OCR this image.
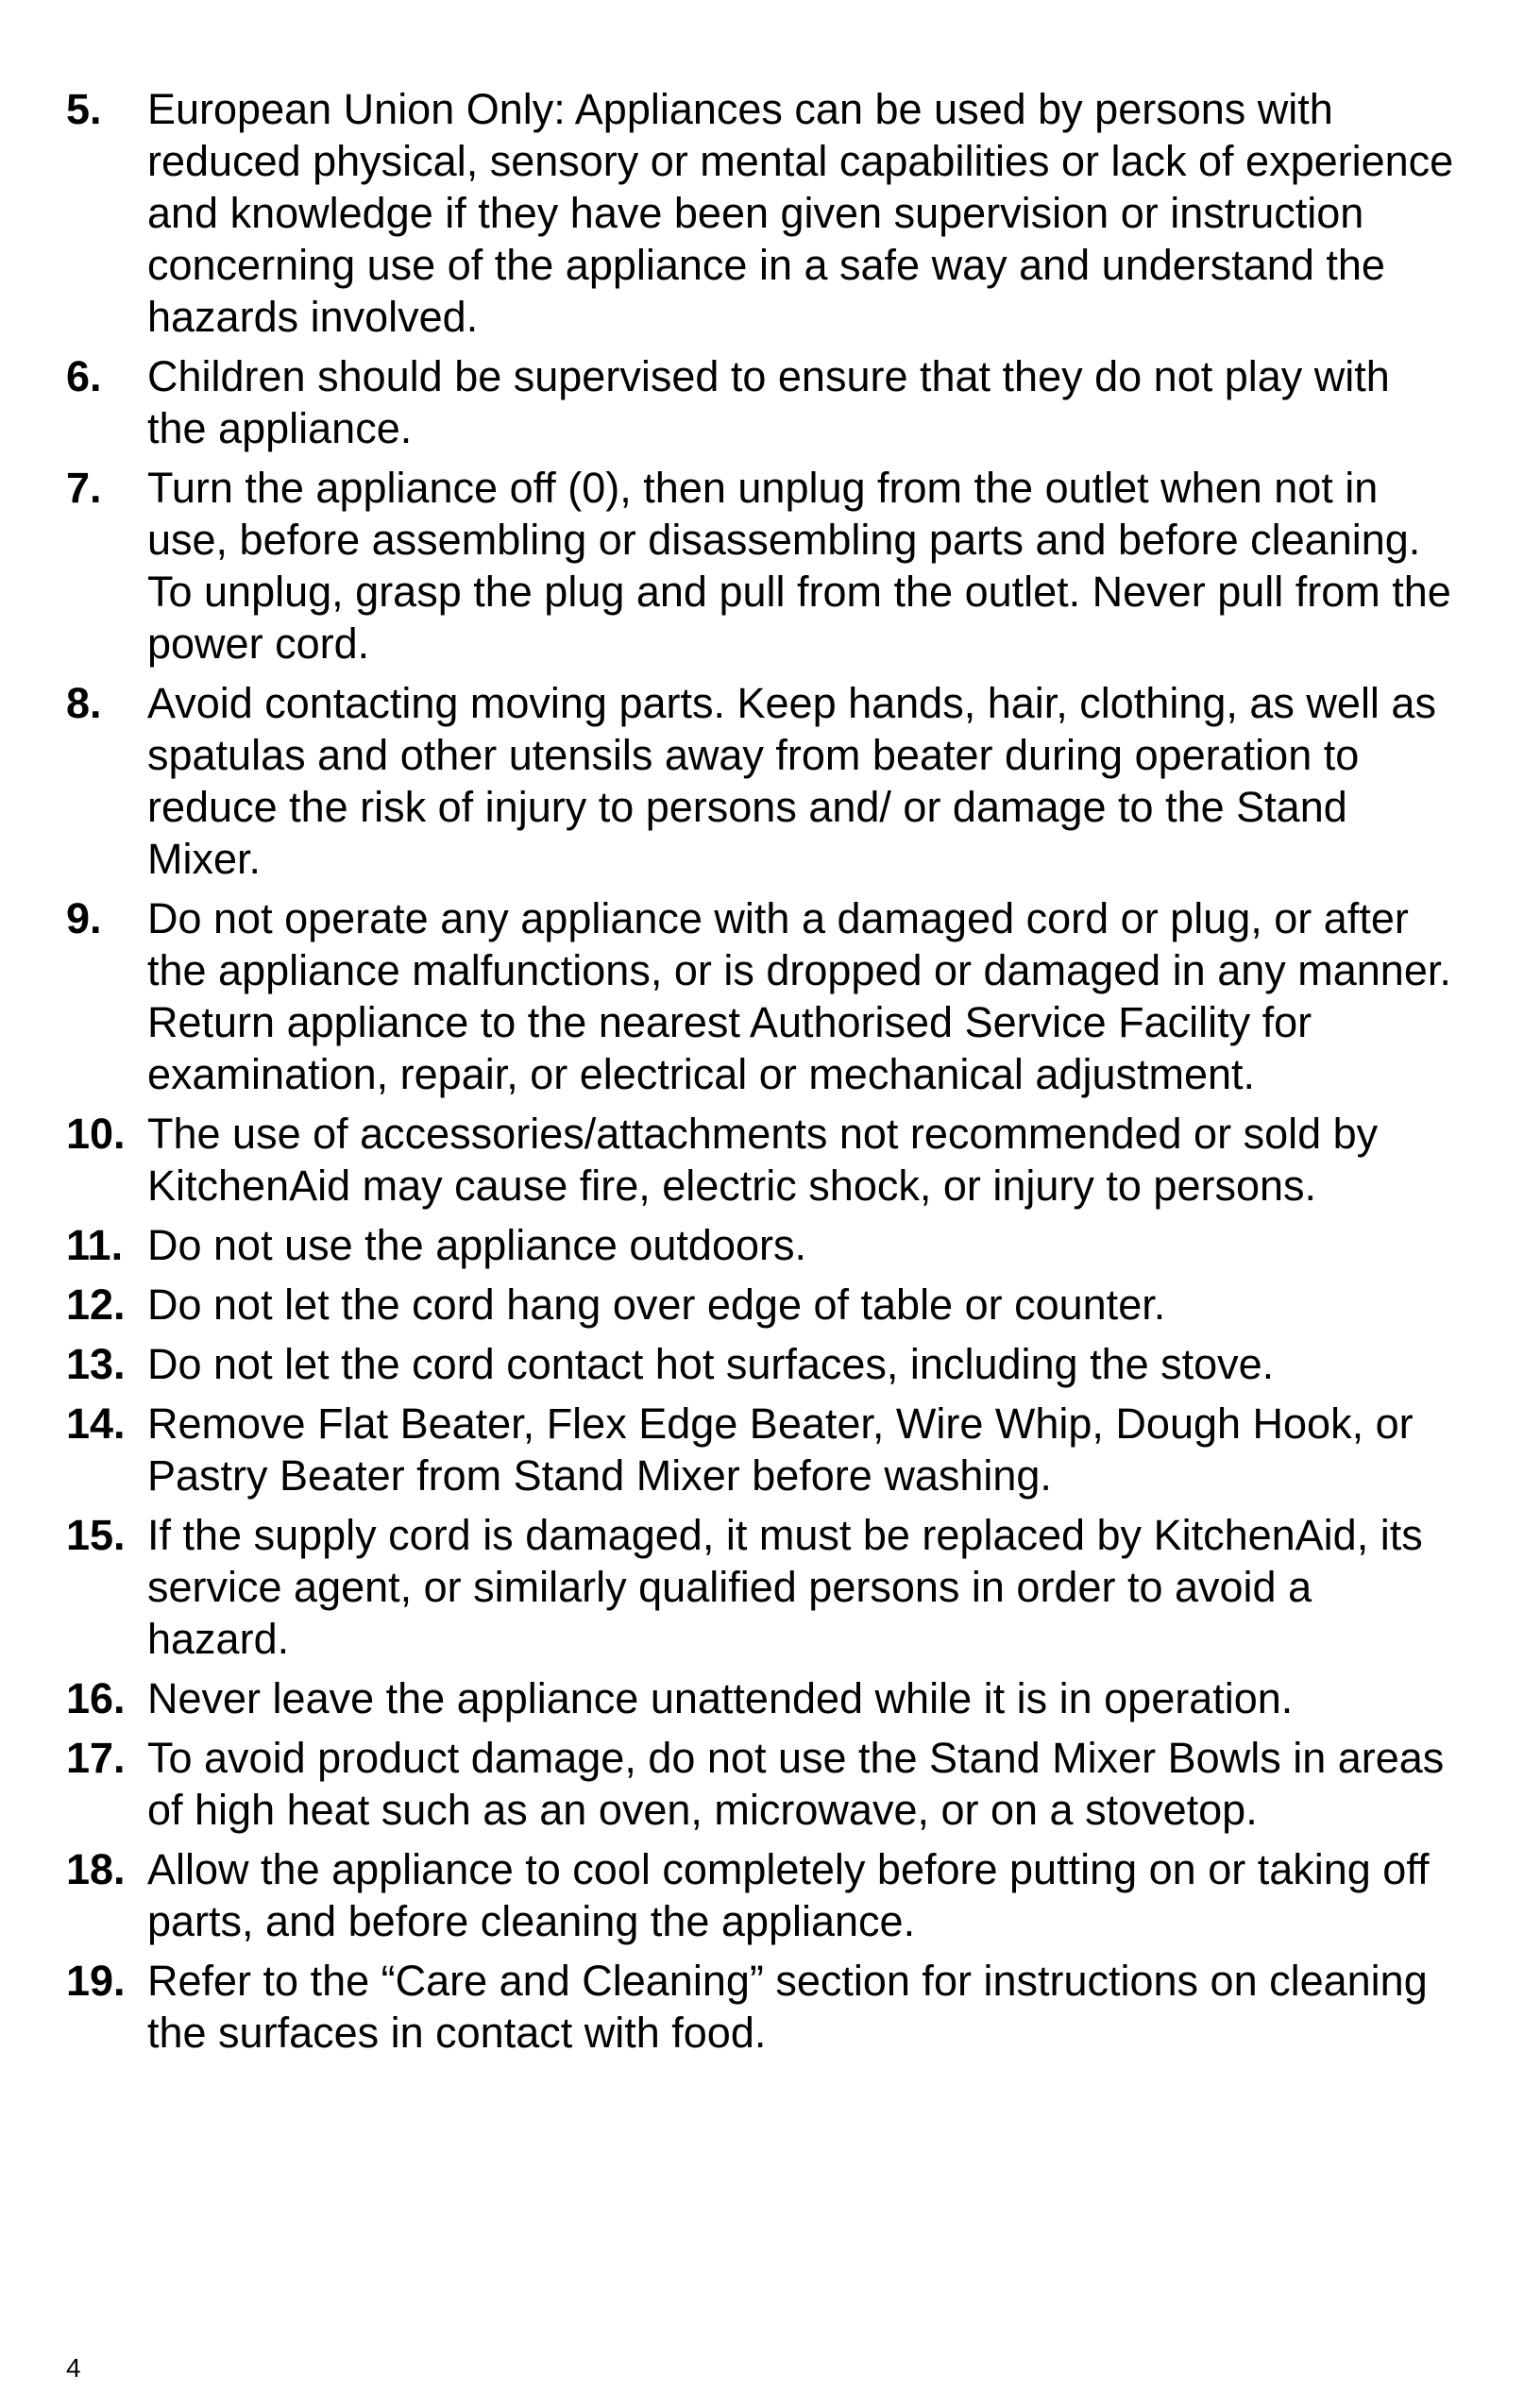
5.	European Union Only: Appliances can be used by persons with reduced physical, sensory or mental capabilities or lack of experience and knowledge if they have been given supervision or instruction concerning use of the appliance in a safe way and understand the hazards involved.
6.	Children should be supervised to ensure that they do not play with the appliance.
7.	Turn the appliance off (0), then unplug from the outlet when not in use, before assembling or disassembling parts and before cleaning. To unplug, grasp the plug and pull from the outlet. Never pull from the power cord.
8.	Avoid contacting moving parts. Keep hands, hair, clothing, as well as spatulas and other utensils away from beater during operation to reduce the risk of injury to persons and/ or damage to the Stand Mixer.
9.	Do not operate any appliance with a damaged cord or plug, or after the appliance malfunctions, or is dropped or damaged in any manner. Return appliance to the nearest Authorised Service Facility for examination, repair, or electrical or mechanical adjustment.
10. The use of accessories/attachments not recommended or sold by KitchenAid may cause fire, electric shock, or injury to persons.
11. Do not use the appliance outdoors.
12. Do not let the cord hang over edge of table or counter.
13. Do not let the cord contact hot surfaces, including the stove.
14. Remove Flat Beater, Flex Edge Beater, Wire Whip, Dough Hook, or Pastry Beater from Stand Mixer before washing.
15. If the supply cord is damaged, it must be replaced by KitchenAid, its service agent, or similarly qualified persons in order to avoid a hazard.
16. Never leave the appliance unattended while it is in operation.
17. To avoid product damage, do not use the Stand Mixer Bowls in areas of high heat such as an oven, microwave, or on a stovetop.
18. Allow the appliance to cool completely before putting on or taking off parts, and before cleaning the appliance.
19. Refer to the “Care and Cleaning” section for instructions on cleaning the surfaces in contact with food.
4
